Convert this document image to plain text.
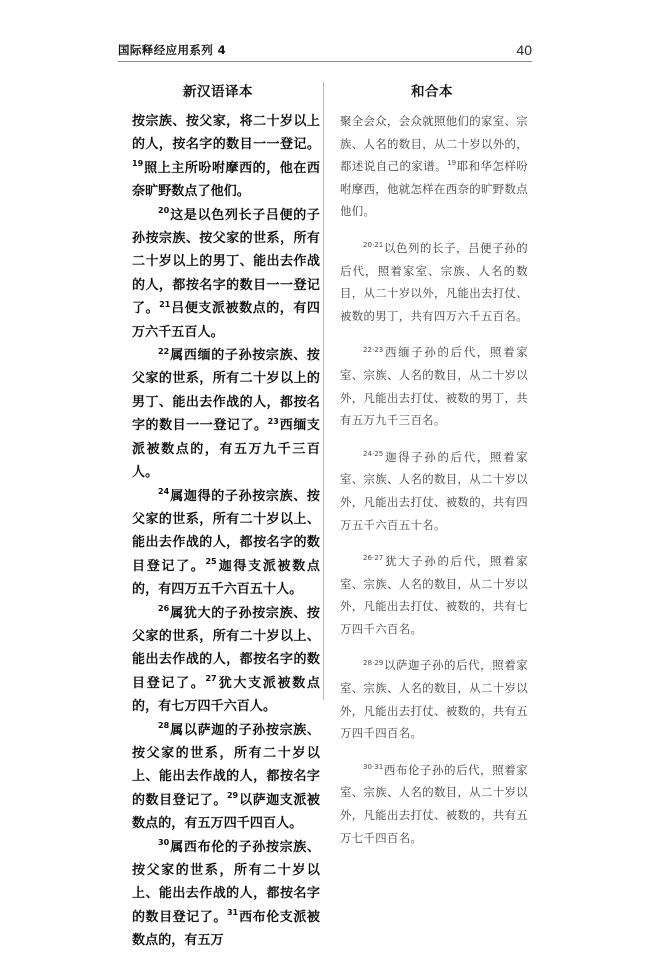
国际释经应用系列 4	40
新汉语译本	和合本

按宗族、按父家，将二十岁以上的人，按名字的数目一一登记。$^{19}$照上主所吩咐摩西的，他在西奈旷野数点了他们。

$^{20}$这是以色列长子吕便的子孙按宗族、按父家的世系，所有二十岁以上的男丁、能出去作战的人，都按名字的数目一一登记了。$^{21}$吕便支派被数点的，有四万六千五百人。

$^{22}$属西缅的子孙按宗族、按父家的世系，所有二十岁以上的男丁、能出去作战的人，都按名字的数目一一登记了。$^{23}$西缅支派被数点的，有五万九千三百人。

$^{24}$属迦得的子孙按宗族、按父家的世系，所有二十岁以上、能出去作战的人，都按名字的数目登记了。$^{25}$迦得支派被数点的，有四万五千六百五十人。

$^{26}$属犹大的子孙按宗族、按父家的世系，所有二十岁以上、能出去作战的人，都按名字的数目登记了。$^{27}$犹大支派被数点的，有七万四千六百人。

$^{28}$属以萨迦的子孙按宗族、按父家的世系，所有二十岁以上、能出去作战的人，都按名字的数目登记了。$^{29}$以萨迦支派被数点的，有五万四千四百人。

$^{30}$属西布伦的子孙按宗族、按父家的世系，所有二十岁以上、能出去作战的人，都按名字的数目登记了。$^{31}$西布伦支派被数点的，有五万

聚全会众，会众就照他们的家室、宗族、人名的数目，从二十岁以外的，都述说自己的家谱。$^{19}$耶和华怎样吩咐摩西，他就怎样在西奈的旷野数点他们。

$^{20\cdot 21}$以色列的长子，吕便子孙的后代，照着家室、宗族、人名的数目，从二十岁以外，凡能出去打仗、被数的男丁，共有四万六千五百名。

$^{22\cdot 23}$西缅子孙的后代，照着家室、宗族、人名的数目，从二十岁以外，凡能出去打仗、被数的男丁，共有五万九千三百名。

$^{24\cdot 25}$迦得子孙的后代，照着家室、宗族、人名的数目，从二十岁以外，凡能出去打仗、被数的，共有四万五千六百五十名。

$^{26\cdot 27}$犹大子孙的后代，照着家室、宗族、人名的数目，从二十岁以外，凡能出去打仗、被数的，共有七万四千六百名。

$^{28\cdot 29}$以萨迦子孙的后代，照着家室、宗族、人名的数目，从二十岁以外，凡能出去打仗、被数的，共有五万四千四百名。

$^{30\cdot 31}$西布伦子孙的后代，照着家室、宗族、人名的数目，从二十岁以外，凡能出去打仗、被数的，共有五万七千四百名。
